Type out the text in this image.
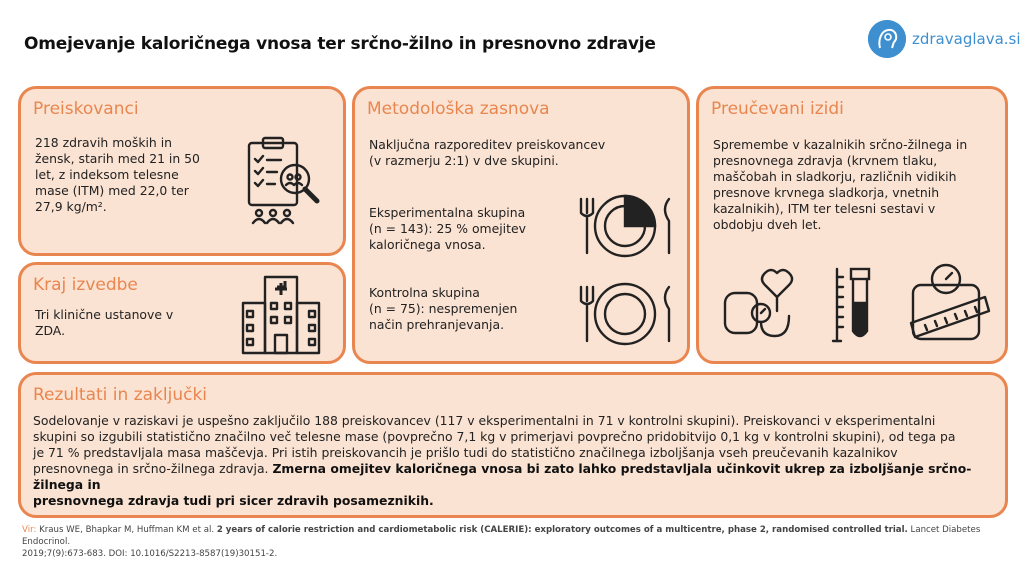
Omejevanje kaloričnega vnosa ter srčno-žilno in presnovno zdravje	zdravaglava.si
Preiskovanci
218 zdravih moških in
žensk, starih med 21 in 50
let, z indeksom telesne
mase (ITM) med 22,0 ter
27,9 kg/m².
Kraj izvedbe
Tri klinične ustanove v
ZDA.
Metodološka zasnova
Naključna razporeditev preiskovancev
(v razmerju 2:1) v dve skupini.
Eksperimentalna skupina
(n = 143): 25 % omejitev
kaloričnega vnosa.
Kontrolna skupina
(n = 75): nespremenjen
način prehranjevanja.
Preučevani izidi
Spremembe v kazalnikih srčno-žilnega in
presnovnega zdravja (krvnem tlaku,
maščobah in sladkorju, različnih vidikih
presnove krvnega sladkorja, vnetnih
kazalnikih), ITM ter telesni sestavi v
obdobju dveh let.
Rezultati in zaključki
Sodelovanje v raziskavi je uspešno zaključilo 188 preiskovancev (117 v eksperimentalni in 71 v kontrolni skupini). Preiskovanci v eksperimentalni
skupini so izgubili statistično značilno več telesne mase (povprečno 7,1 kg v primerjavi povprečno pridobitvijo 0,1 kg v kontrolni skupini), od tega pa
je 71 % predstavljala masa maščevja. Pri istih preiskovancih je prišlo tudi do statistično značilnega izboljšanja vseh preučevanih kazalnikov
presnovnega in srčno-žilnega zdravja. Zmerna omejitev kaloričnega vnosa bi zato lahko predstavljala učinkovit ukrep za izboljšanje srčno-žilnega in
presnovnega zdravja tudi pri sicer zdravih posameznikih.
Vir: Kraus WE, Bhapkar M, Huffman KM et al. 2 years of calorie restriction and cardiometabolic risk (CALERIE): exploratory outcomes of a multicentre, phase 2, randomised controlled trial. Lancet Diabetes Endocrinol.
2019;7(9):673-683. DOI: 10.1016/S2213-8587(19)30151-2.
